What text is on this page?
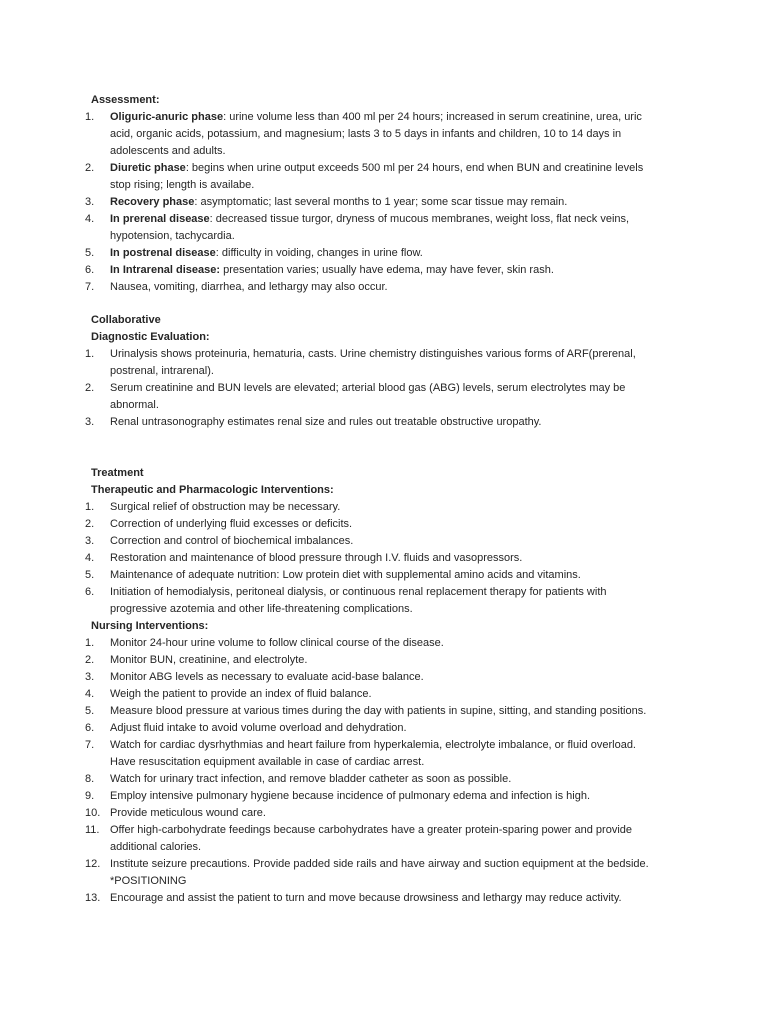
Assessment:
1.	Oliguric-anuric phase: urine volume less than 400 ml per 24 hours; increased in serum creatinine, urea, uric acid, organic acids, potassium, and magnesium; lasts 3 to 5 days in infants and children, 10 to 14 days in adolescents and adults.
2.	Diuretic phase: begins when urine output exceeds 500 ml per 24 hours, end when BUN and creatinine levels stop rising; length is availabe.
3.	Recovery phase: asymptomatic; last several months to 1 year; some scar tissue may remain.
4.	In prerenal disease: decreased tissue turgor, dryness of mucous membranes, weight loss, flat neck veins, hypotension, tachycardia.
5.	In postrenal disease: difficulty in voiding, changes in urine flow.
6.	In Intrarenal disease: presentation varies; usually have edema, may have fever, skin rash.
7.	Nausea, vomiting, diarrhea, and lethargy may also occur.
Collaborative
Diagnostic Evaluation:
1.	Urinalysis shows proteinuria, hematuria, casts. Urine chemistry distinguishes various forms of ARF(prerenal, postrenal, intrarenal).
2.	Serum creatinine and BUN levels are elevated; arterial blood gas (ABG) levels, serum electrolytes may be abnormal.
3.	Renal untrasonography estimates renal size and rules out treatable obstructive uropathy.
Treatment
Therapeutic and Pharmacologic Interventions:
1.	Surgical relief of obstruction may be necessary.
2.	Correction of underlying fluid excesses or deficits.
3.	Correction and control of biochemical imbalances.
4.	Restoration and maintenance of blood pressure through I.V. fluids and vasopressors.
5.	Maintenance of adequate nutrition: Low protein diet with supplemental amino acids and vitamins.
6.	Initiation of hemodialysis, peritoneal dialysis, or continuous renal replacement therapy for patients with progressive azotemia and other life-threatening complications.
Nursing Interventions:
1.	Monitor 24-hour urine volume to follow clinical course of the disease.
2.	Monitor BUN, creatinine, and electrolyte.
3.	Monitor ABG levels as necessary to evaluate acid-base balance.
4.	Weigh the patient to provide an index of fluid balance.
5.	Measure blood pressure at various times during the day with patients in supine, sitting, and standing positions.
6.	Adjust fluid intake to avoid volume overload and dehydration.
7.	Watch for cardiac dysrhythmias and heart failure from hyperkalemia, electrolyte imbalance, or fluid overload. Have resuscitation equipment available in case of cardiac arrest.
8.	Watch for urinary tract infection, and remove bladder catheter as soon as possible.
9.	Employ intensive pulmonary hygiene because incidence of pulmonary edema and infection is high.
10. Provide meticulous wound care.
11. Offer high-carbohydrate feedings because carbohydrates have a greater protein-sparing power and provide additional calories.
12. Institute seizure precautions. Provide padded side rails and have airway and suction equipment at the bedside. *POSITIONING
13. Encourage and assist the patient to turn and move because drowsiness and lethargy may reduce activity.
